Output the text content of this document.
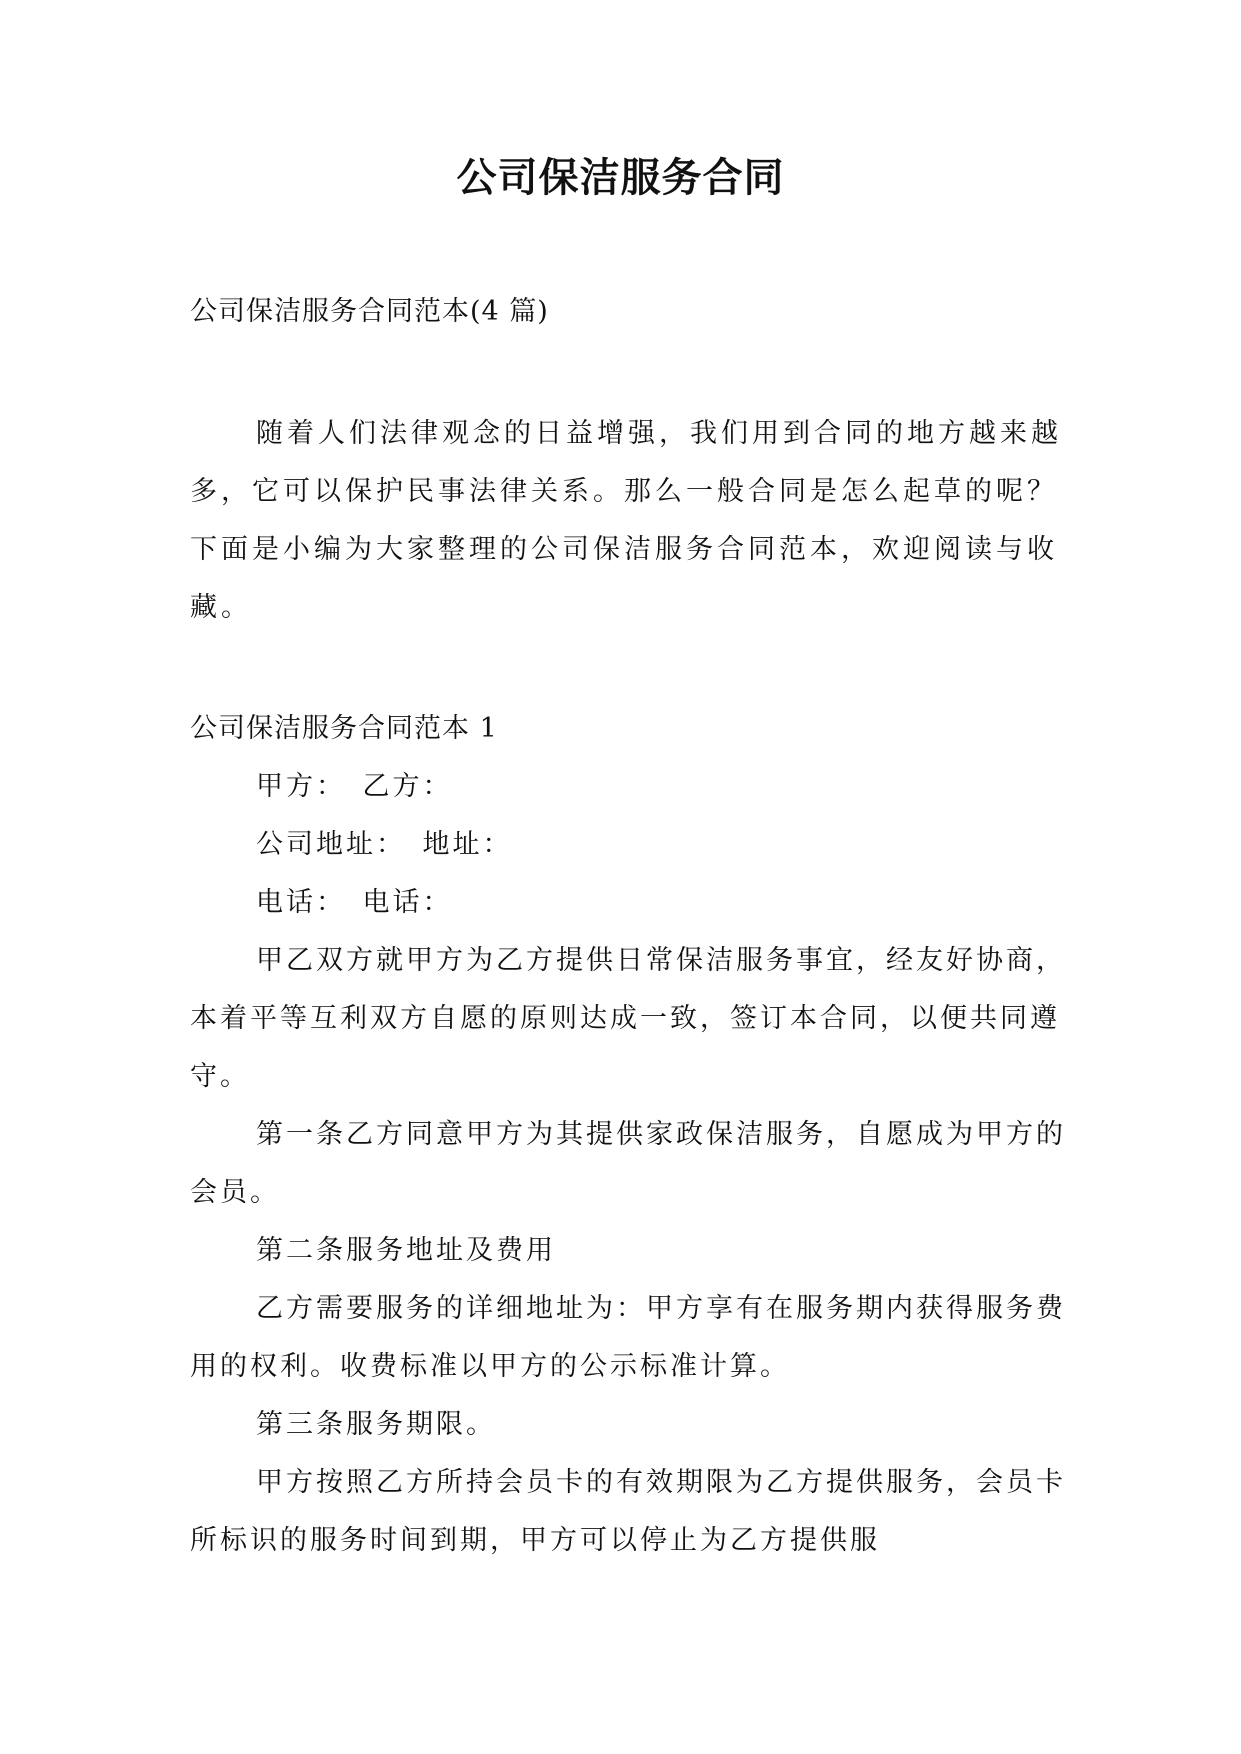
公司保洁服务合同

公司保洁服务合同范本(4 篇)

随着人们法律观念的日益增强，我们用到合同的地方越来越多，它可以保护民事法律关系。那么一般合同是怎么起草的呢？下面是小编为大家整理的公司保洁服务合同范本，欢迎阅读与收藏。

公司保洁服务合同范本 1

甲方：　乙方：

公司地址：　地址：

电话：　电话：

甲乙双方就甲方为乙方提供日常保洁服务事宜，经友好协商，本着平等互利双方自愿的原则达成一致，签订本合同，以便共同遵守。

第一条乙方同意甲方为其提供家政保洁服务，自愿成为甲方的会员。

第二条服务地址及费用

乙方需要服务的详细地址为：甲方享有在服务期内获得服务费用的权利。收费标准以甲方的公示标准计算。

第三条服务期限。

甲方按照乙方所持会员卡的有效期限为乙方提供服务，会员卡所标识的服务时间到期，甲方可以停止为乙方提供服
